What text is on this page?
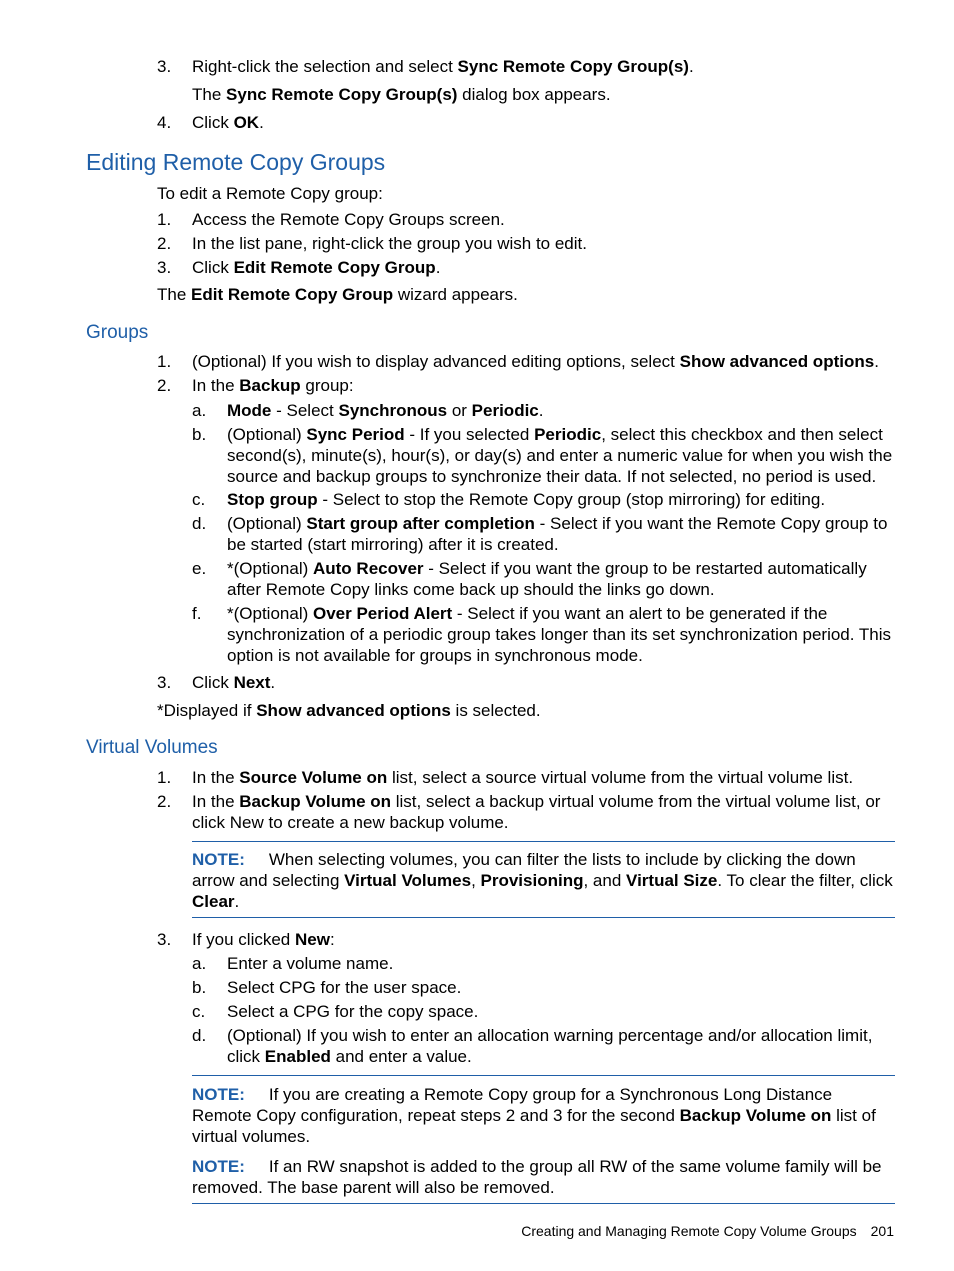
3.	Right-click the selection and select Sync Remote Copy Group(s).
The Sync Remote Copy Group(s) dialog box appears.
4.	Click OK.
Editing Remote Copy Groups
To edit a Remote Copy group:
1.	Access the Remote Copy Groups screen.
2.	In the list pane, right-click the group you wish to edit.
3.	Click Edit Remote Copy Group.
The Edit Remote Copy Group wizard appears.
Groups
1.	(Optional) If you wish to display advanced editing options, select Show advanced options.
2.	In the Backup group:
a.	Mode - Select Synchronous or Periodic.
b.	(Optional) Sync Period - If you selected Periodic, select this checkbox and then select second(s), minute(s), hour(s), or day(s) and enter a numeric value for when you wish the source and backup groups to synchronize their data. If not selected, no period is used.
c.	Stop group - Select to stop the Remote Copy group (stop mirroring) for editing.
d.	(Optional) Start group after completion - Select if you want the Remote Copy group to be started (start mirroring) after it is created.
e.	*(Optional) Auto Recover - Select if you want the group to be restarted automatically after Remote Copy links come back up should the links go down.
f.	*(Optional) Over Period Alert - Select if you want an alert to be generated if the synchronization of a periodic group takes longer than its set synchronization period. This option is not available for groups in synchronous mode.
3.	Click Next.
*Displayed if Show advanced options is selected.
Virtual Volumes
1.	In the Source Volume on list, select a source virtual volume from the virtual volume list.
2.	In the Backup Volume on list, select a backup virtual volume from the virtual volume list, or click New to create a new backup volume.
NOTE: When selecting volumes, you can filter the lists to include by clicking the down arrow and selecting Virtual Volumes, Provisioning, and Virtual Size. To clear the filter, click Clear.
3.	If you clicked New:
a.	Enter a volume name.
b.	Select CPG for the user space.
c.	Select a CPG for the copy space.
d.	(Optional) If you wish to enter an allocation warning percentage and/or allocation limit, click Enabled and enter a value.
NOTE: If you are creating a Remote Copy group for a Synchronous Long Distance Remote Copy configuration, repeat steps 2 and 3 for the second Backup Volume on list of virtual volumes.
NOTE: If an RW snapshot is added to the group all RW of the same volume family will be removed. The base parent will also be removed.
Creating and Managing Remote Copy Volume Groups 201
